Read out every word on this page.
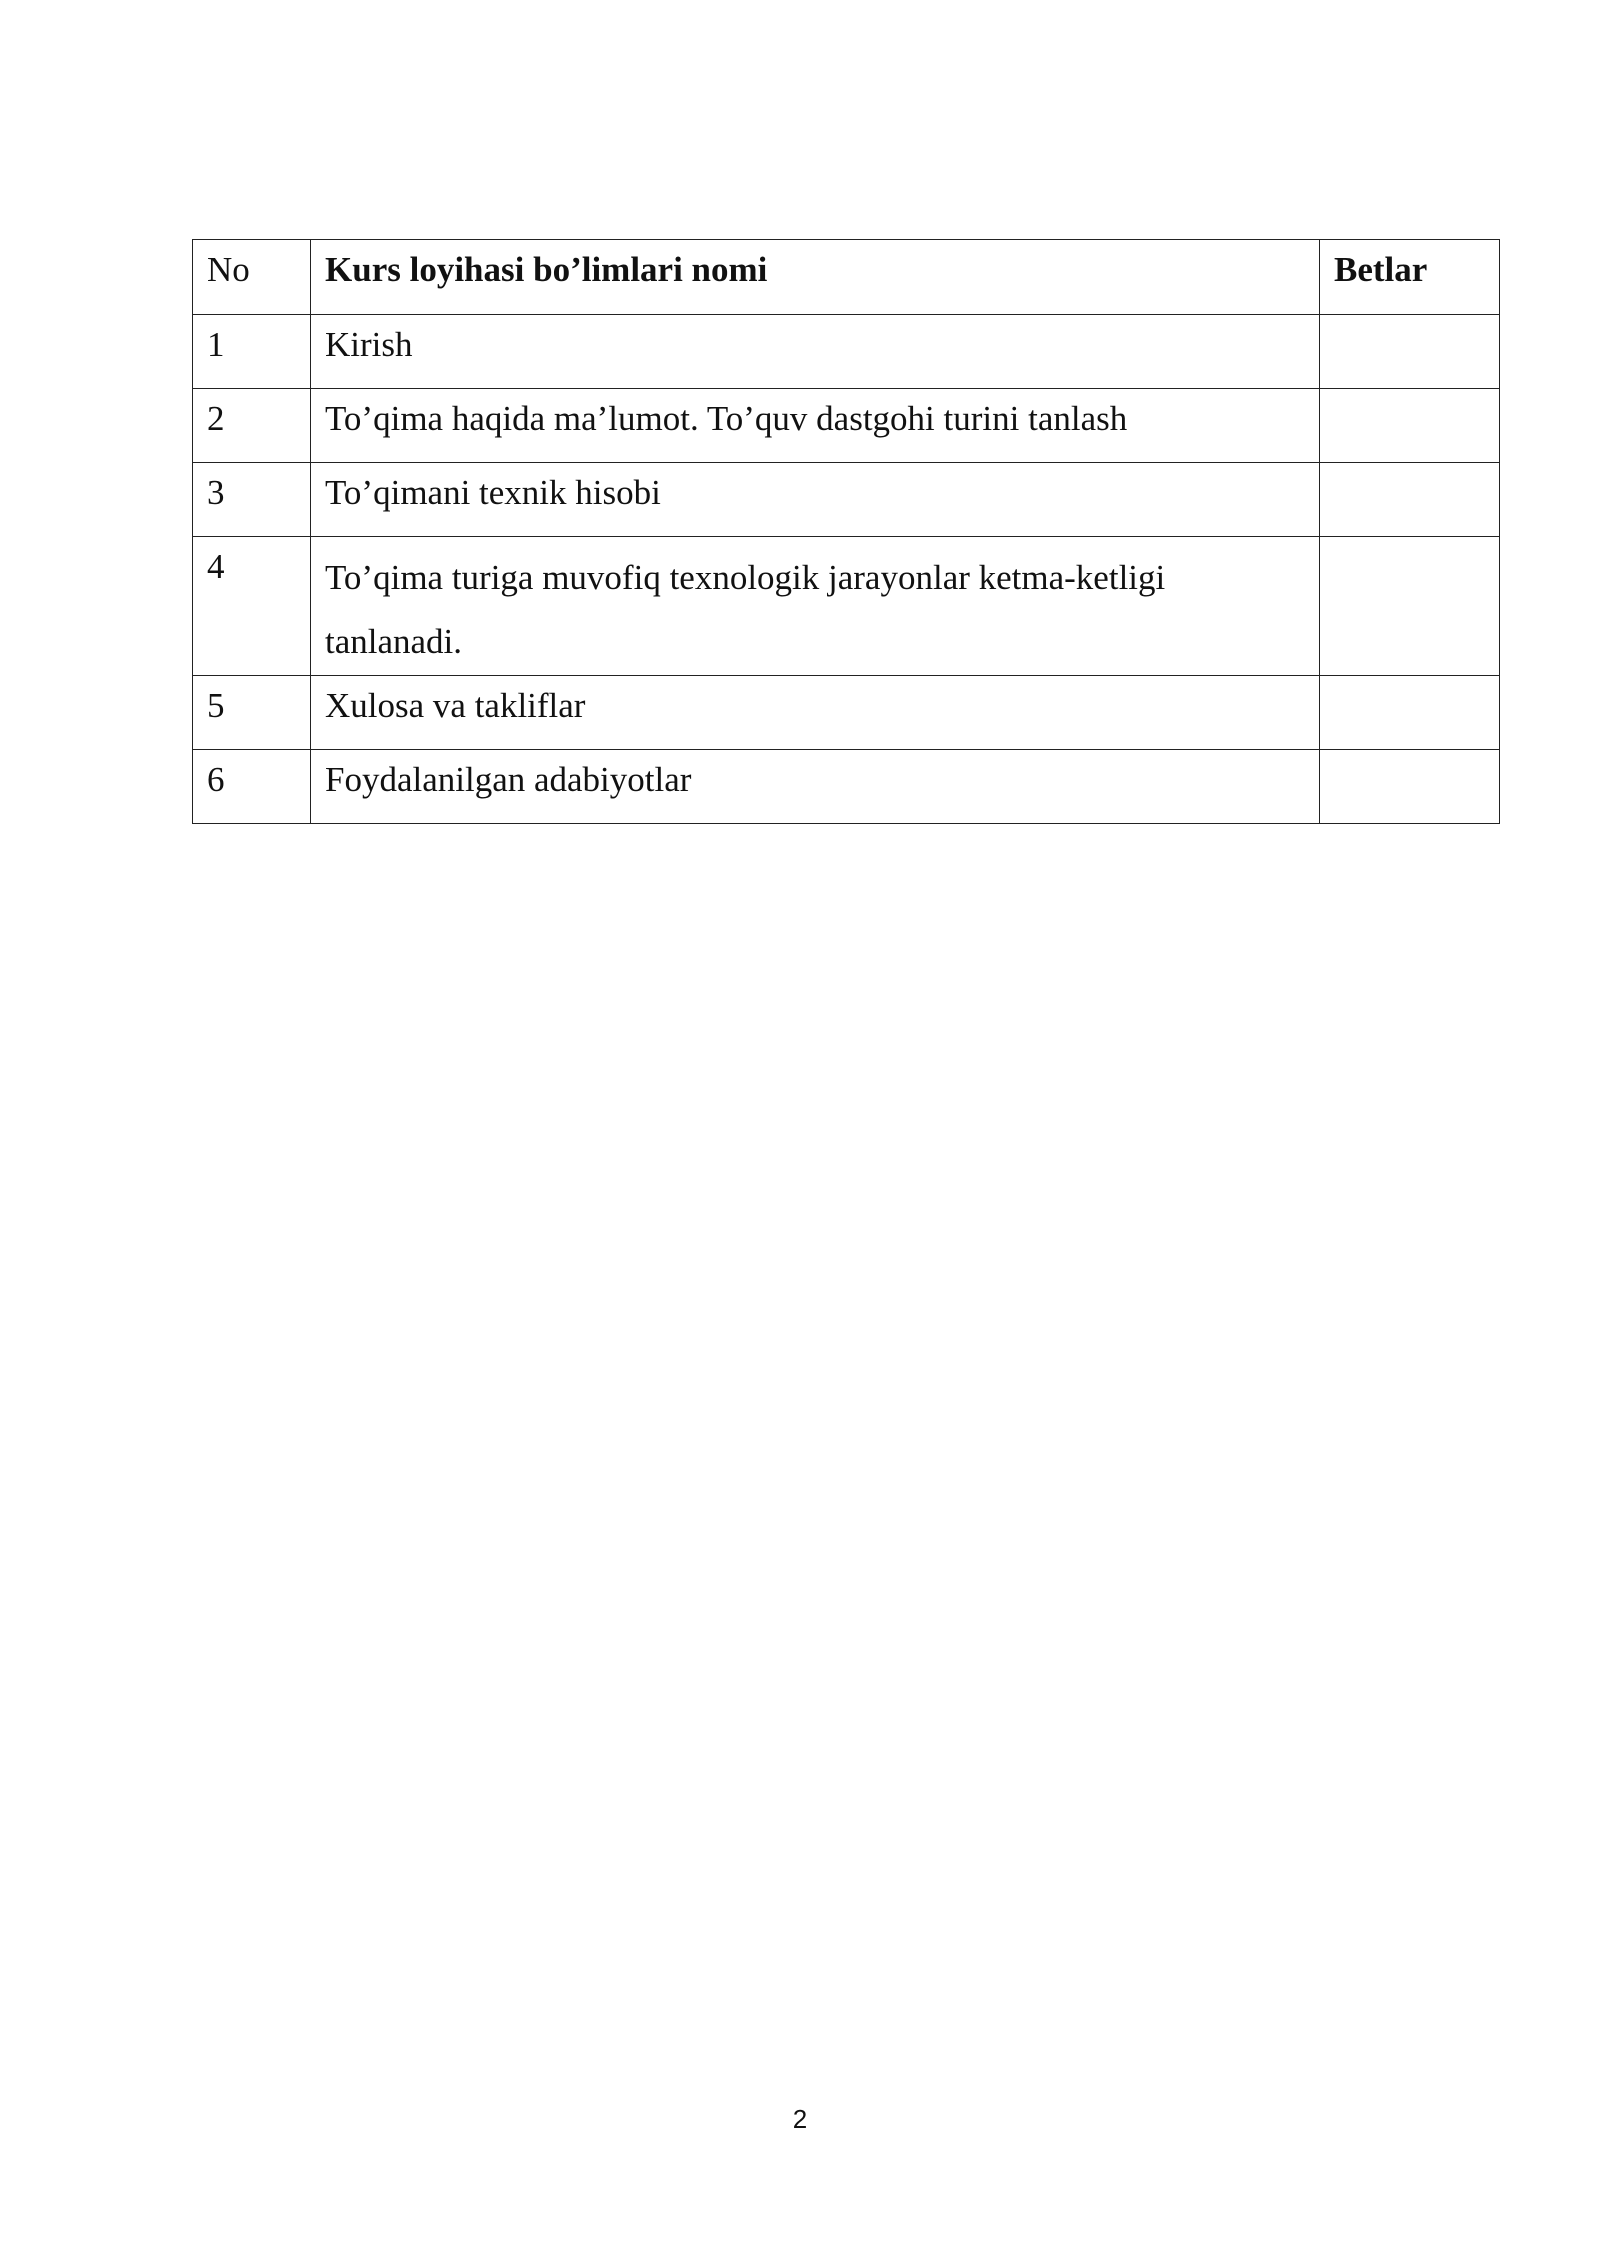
No	Kurs loyihasi bo’limlari nomi	Betlar
1	Kirish	
2	To’qima haqida ma’lumot. To’quv dastgohi turini tanlash	
3	To’qimani texnik hisobi	
4	To’qima turiga muvofiq texnologik jarayonlar ketma-ketligi tanlanadi.	
5	Xulosa va takliflar	
6	Foydalanilgan adabiyotlar	
2
